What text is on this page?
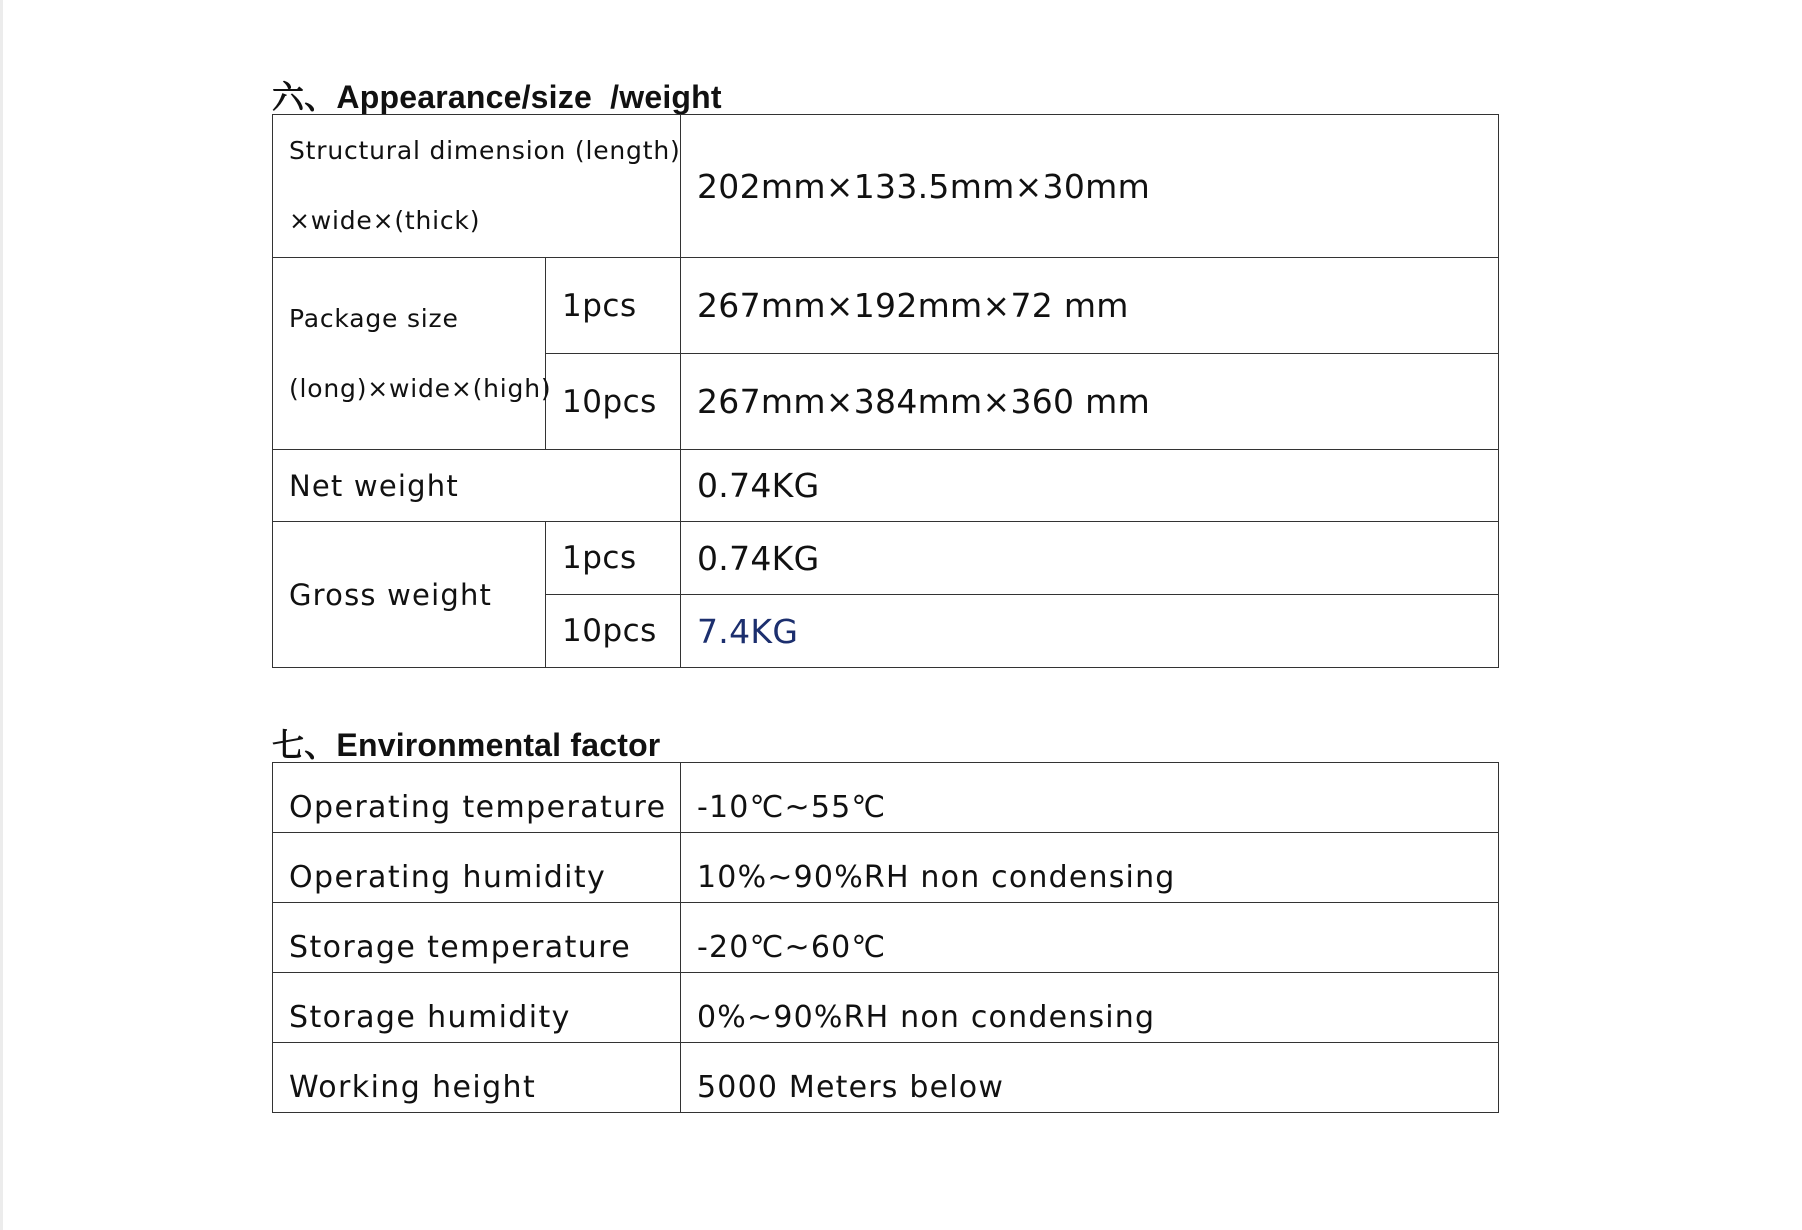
六、Appearance/size  /weight
Structural dimension (length)
×wide×(thick)		202mm×133.5mm×30mm
Package size
(long)×wide×(high)	1pcs	267mm×192mm×72 mm
	10pcs	267mm×384mm×360 mm
Net weight		0.74KG
Gross weight	1pcs	0.74KG
	10pcs	7.4KG
七、Environmental factor
Operating temperature	-10℃~55℃
Operating humidity	10%~90%RH non condensing
Storage temperature	-20℃~60℃
Storage humidity	0%~90%RH non condensing
Working height	5000 Meters below
